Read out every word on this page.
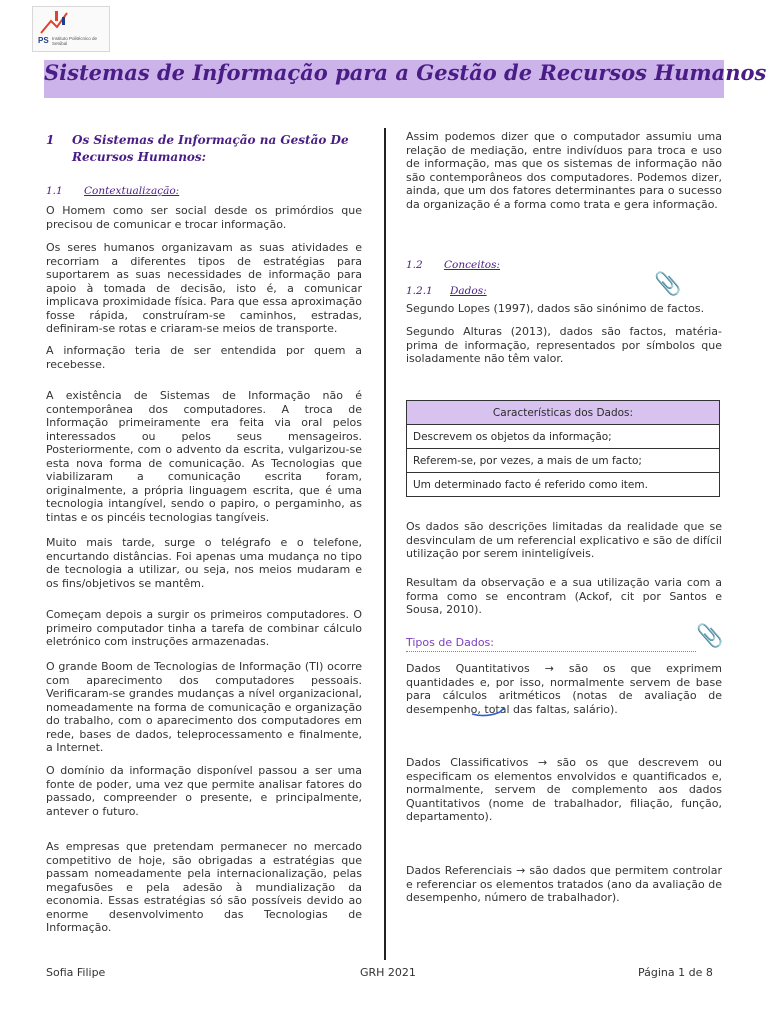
PS Instituto Politécnico de Setúbal
Sistemas de Informação para a Gestão de Recursos Humanos
1 Os Sistemas de Informação na Gestão De Recursos Humanos:
1.1 Contextualização:

O Homem como ser social desde os primórdios que precisou de comunicar e trocar informação.

Os seres humanos organizavam as suas atividades e recorriam a diferentes tipos de estratégias para suportarem as suas necessidades de informação para apoio à tomada de decisão, isto é, a comunicar implicava proximidade física. Para que essa aproximação fosse rápida, construíram-se caminhos, estradas, definiram-se rotas e criaram-se meios de transporte.

A informação teria de ser entendida por quem a recebesse.

A existência de Sistemas de Informação não é contemporânea dos computadores. A troca de Informação primeiramente era feita via oral pelos interessados ou pelos seus mensageiros. Posteriormente, com o advento da escrita, vulgarizou-se esta nova forma de comunicação. As Tecnologias que viabilizaram a comunicação escrita foram, originalmente, a própria linguagem escrita, que é uma tecnologia intangível, sendo o papiro, o pergaminho, as tintas e os pincéis tecnologias tangíveis.

Muito mais tarde, surge o telégrafo e o telefone, encurtando distâncias. Foi apenas uma mudança no tipo de tecnologia a utilizar, ou seja, nos meios mudaram e os fins/objetivos se mantêm.

Começam depois a surgir os primeiros computadores. O primeiro computador tinha a tarefa de combinar cálculo eletrónico com instruções armazenadas.

O grande Boom de Tecnologias de Informação (TI) ocorre com aparecimento dos computadores pessoais. Verificaram-se grandes mudanças a nível organizacional, nomeadamente na forma de comunicação e organização do trabalho, com o aparecimento dos computadores em rede, bases de dados, teleprocessamento e finalmente, a Internet.

O domínio da informação disponível passou a ser uma fonte de poder, uma vez que permite analisar fatores do passado, compreender o presente, e principalmente, antever o futuro.

As empresas que pretendam permanecer no mercado competitivo de hoje, são obrigadas a estratégias que passam nomeadamente pela internacionalização, pelas megafusões e pela adesão à mundialização da economia. Essas estratégias só são possíveis devido ao enorme desenvolvimento das Tecnologias de Informação.

Assim podemos dizer que o computador assumiu uma relação de mediação, entre indivíduos para troca e uso de informação, mas que os sistemas de informação não são contemporâneos dos computadores. Podemos dizer, ainda, que um dos fatores determinantes para o sucesso da organização é a forma como trata e gera informação.

1.2 Conceitos:
1.2.1 Dados:	📎

Segundo Lopes (1997), dados são sinónimo de factos.

Segundo Alturas (2013), dados são factos, matéria-prima de informação, representados por símbolos que isoladamente não têm valor.

Características dos Dados:
Descrevem os objetos da informação;
Referem-se, por vezes, a mais de um facto;
Um determinado facto é referido como item.

Os dados são descrições limitadas da realidade que se desvinculam de um referencial explicativo e são de difícil utilização por serem ininteligíveis.

Resultam da observação e a sua utilização varia com a forma como se encontram (Ackof, cit por Santos e Sousa, 2010).

Tipos de Dados:	📎

Dados Quantitativos → são os que exprimem quantidades e, por isso, normalmente servem de base para cálculos aritméticos (notas de avaliação de desempenho, total das faltas, salário).

Dados Classificativos → são os que descrevem ou especificam os elementos envolvidos e quantificados e, normalmente, servem de complemento aos dados Quantitativos (nome de trabalhador, filiação, função, departamento).

Dados Referenciais → são dados que permitem controlar e referenciar os elementos tratados (ano da avaliação de desempenho, número de trabalhador).

Sofia Filipe	GRH 2021	Página 1 de 8
